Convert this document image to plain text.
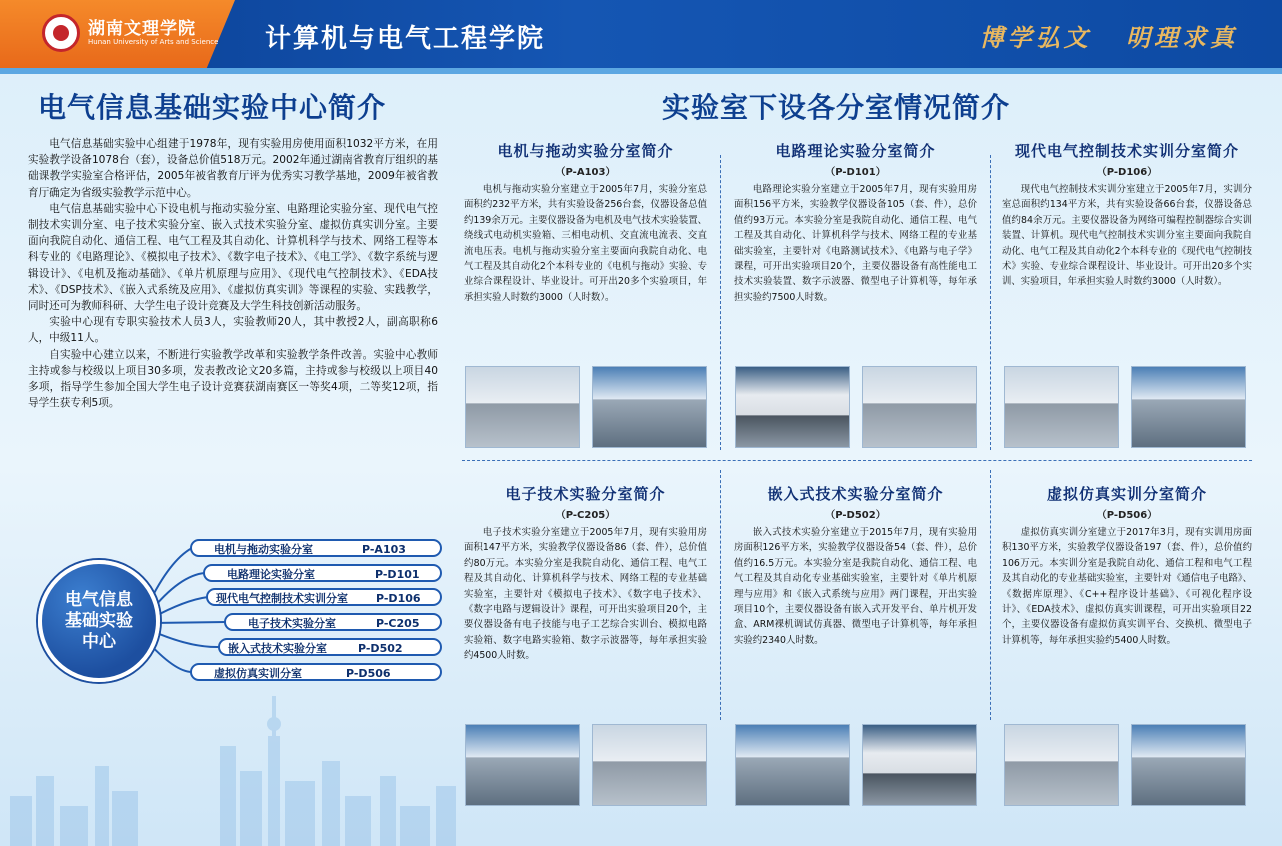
湖南文理学院
Hunan University of Arts and Science 计算机与电气工程学院	博学弘文 明理求真
电气信息基础实验中心简介

电气信息基础实验中心组建于1978年，现有实验用房使用面积1032平方米，在用实验教学设备1078台（套），设备总价值518万元。2002年通过湖南省教育厅组织的基础课教学实验室合格评估，2005年被省教育厅评为优秀实习教学基地，2009年被省教育厅确定为省级实验教学示范中心。

电气信息基础实验中心下设电机与拖动实验分室、电路理论实验分室、现代电气控制技术实训分室、电子技术实验分室、嵌入式技术实验分室、虚拟仿真实训分室。主要面向我院自动化、通信工程、电气工程及其自动化、计算机科学与技术、网络工程等本科专业的《电路理论》、《模拟电子技术》、《数字电子技术》、《电工学》、《数字系统与逻辑设计》、《电机及拖动基础》、《单片机原理与应用》、《现代电气控制技术》、《EDA技术》、《DSP技术》、《嵌入式系统及应用》、《虚拟仿真实训》等课程的实验、实践教学，同时还可为教师科研、大学生电子设计竞赛及大学生科技创新活动服务。

实验中心现有专职实验技术人员3人，实验教师20人，其中教授2人，副高职称6人，中级11人。

自实验中心建立以来，不断进行实验教学改革和实验教学条件改善。实验中心教师主持或参与校级以上项目30多项，发表教改论文20多篇，主持或参与校级以上项目40多项，指导学生参加全国大学生电子设计竞赛获湖南赛区一等奖4项，二等奖12项，指导学生获专利5项。

电气信息基础实验中心
电机与拖动实验分室	P-A103
电路理论实验分室	P-D101
现代电气控制技术实训分室	P-D106
电子技术实验分室	P-C205
嵌入式技术实验分室	P-D502
虚拟仿真实训分室	P-D506
实验室下设各分室情况简介
电机与拖动实验分室简介
（P-A103）
电机与拖动实验分室建立于2005年7月，实验分室总面积约232平方米，共有实验设备256台套，仪器设备总值约139余万元。主要仪器设备为电机及电气技术实验装置、绕线式电动机实验箱、三相电动机、交直流电流表、交直流电压表。电机与拖动实验分室主要面向我院自动化、电气工程及其自动化2个本科专业的《电机与拖动》实验、专业综合课程设计、毕业设计。可开出20多个实验项目，年承担实验人时数约3000（人时数）。
电路理论实验分室简介
（P-D101）
电路理论实验分室建立于2005年7月，现有实验用房面积156平方米，实验教学仪器设备105（套、件），总价值约93万元。本实验分室是我院自动化、通信工程、电气工程及其自动化、计算机科学与技术、网络工程的专业基础实验室，主要针对《电路测试技术》、《电路与电子学》课程，可开出实验项目20个，主要仪器设备有高性能电工技术实验装置、数字示波器、微型电子计算机等，每年承担实验约7500人时数。
现代电气控制技术实训分室简介
（P-D106）
现代电气控制技术实训分室建立于2005年7月，实训分室总面积约134平方米，共有实验设备66台套，仪器设备总值约84余万元。主要仪器设备为网络可编程控制器综合实训装置、计算机。现代电气控制技术实训分室主要面向我院自动化、电气工程及其自动化2个本科专业的《现代电气控制技术》实验、专业综合课程设计、毕业设计。可开出20多个实训、实验项目，年承担实验人时数约3000（人时数）。
电子技术实验分室简介
（P-C205）
电子技术实验分室建立于2005年7月，现有实验用房面积147平方米，实验教学仪器设备86（套、件），总价值约80万元。本实验分室是我院自动化、通信工程、电气工程及其自动化、计算机科学与技术、网络工程的专业基础实验室，主要针对《模拟电子技术》、《数字电子技术》、《数字电路与逻辑设计》课程，可开出实验项目20个，主要仪器设备有电子技能与电子工艺综合实训台、模拟电路实验箱、数字电路实验箱、数字示波器等，每年承担实验约4500人时数。
嵌入式技术实验分室简介
（P-D502）
嵌入式技术实验分室建立于2015年7月，现有实验用房面积126平方米，实验教学仪器设备54（套、件），总价值约16.5万元。本实验分室是我院自动化、通信工程、电气工程及其自动化专业基础实验室，主要针对《单片机原理与应用》和《嵌入式系统与应用》两门课程，开出实验项目10个，主要仪器设备有嵌入式开发平台、单片机开发盒、ARM裸机调试仿真器、微型电子计算机等，每年承担实验约2340人时数。
虚拟仿真实训分室简介
（P-D506）
虚拟仿真实训分室建立于2017年3月，现有实训用房面积130平方米，实验教学仪器设备197（套、件），总价值约106万元。本实训分室是我院自动化、通信工程和电气工程及其自动化的专业基础实验室，主要针对《通信电子电路》、《数据库原理》、《C++程序设计基础》、《可视化程序设计》、《EDA技术》、虚拟仿真实训课程，可开出实验项目22个，主要仪器设备有虚拟仿真实训平台、交换机、微型电子计算机等，每年承担实验约5400人时数。
